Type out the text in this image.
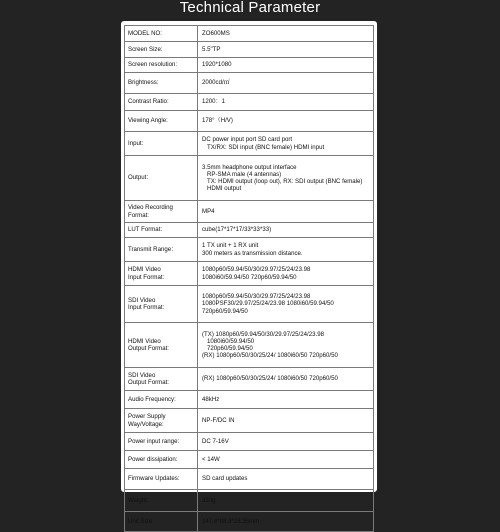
Technical Parameter
MODEL NO:	ZO600MS

Screen Size:	5.5"TP

Screen resolution:	1920*1080

Brightness:	2000cd/㎡

Contrast Ratio:	1200：1

Viewing Angle:	178°（H/V)

Input:	DC power input port SD card port
TX/RX: SDI input (BNC female) HDMI input

Output：	3.5mm headphone output interface
RP-SMA male (4 antennas)
TX: HDMI output (loop out), RX: SDI output (BNC female)
HDMI output

Video Recording
Format:	MP4

LUT Format:	cube(17*17*17/33*33*33)

Transmit Range：	1 TX unit + 1 RX unit
300 meters as transmission distance.

HDMI Video
Input Format:	1080p60/59.94/50/30/29.97/25/24/23.98
1080i60/59.94/50 720p60/59.94/50

SDI Video
Input Format:	1080p60/59.94/50/30/29.97/25/24/23.98
1080PSF30/29.97/25/24/23.98 1080i60/59.94/50
720p60/59.94/50

HDMI Video
Output Format:	(TX) 1080p60/59.94/50/30/29.97/25/24/23.98
1080i60/59.94/50
720p60/59.94/50
(RX) 1080p60/50/30/25/24/ 1080i60/50 720p60/50

SDI Video
Output Format:	(RX) 1080p60/50/30/25/24/ 1080i60/50 720p60/50

Audio Frequency:	48kHz

Power Supply
Way/Voltage:	NP-F/DC IN

Power input range:	DC 7-16V

Power dissipation:	< 14W

Firmware Updates:	SD card updates

Weight:	330g

Unit Size:	147.8*88.8*28.35mm
